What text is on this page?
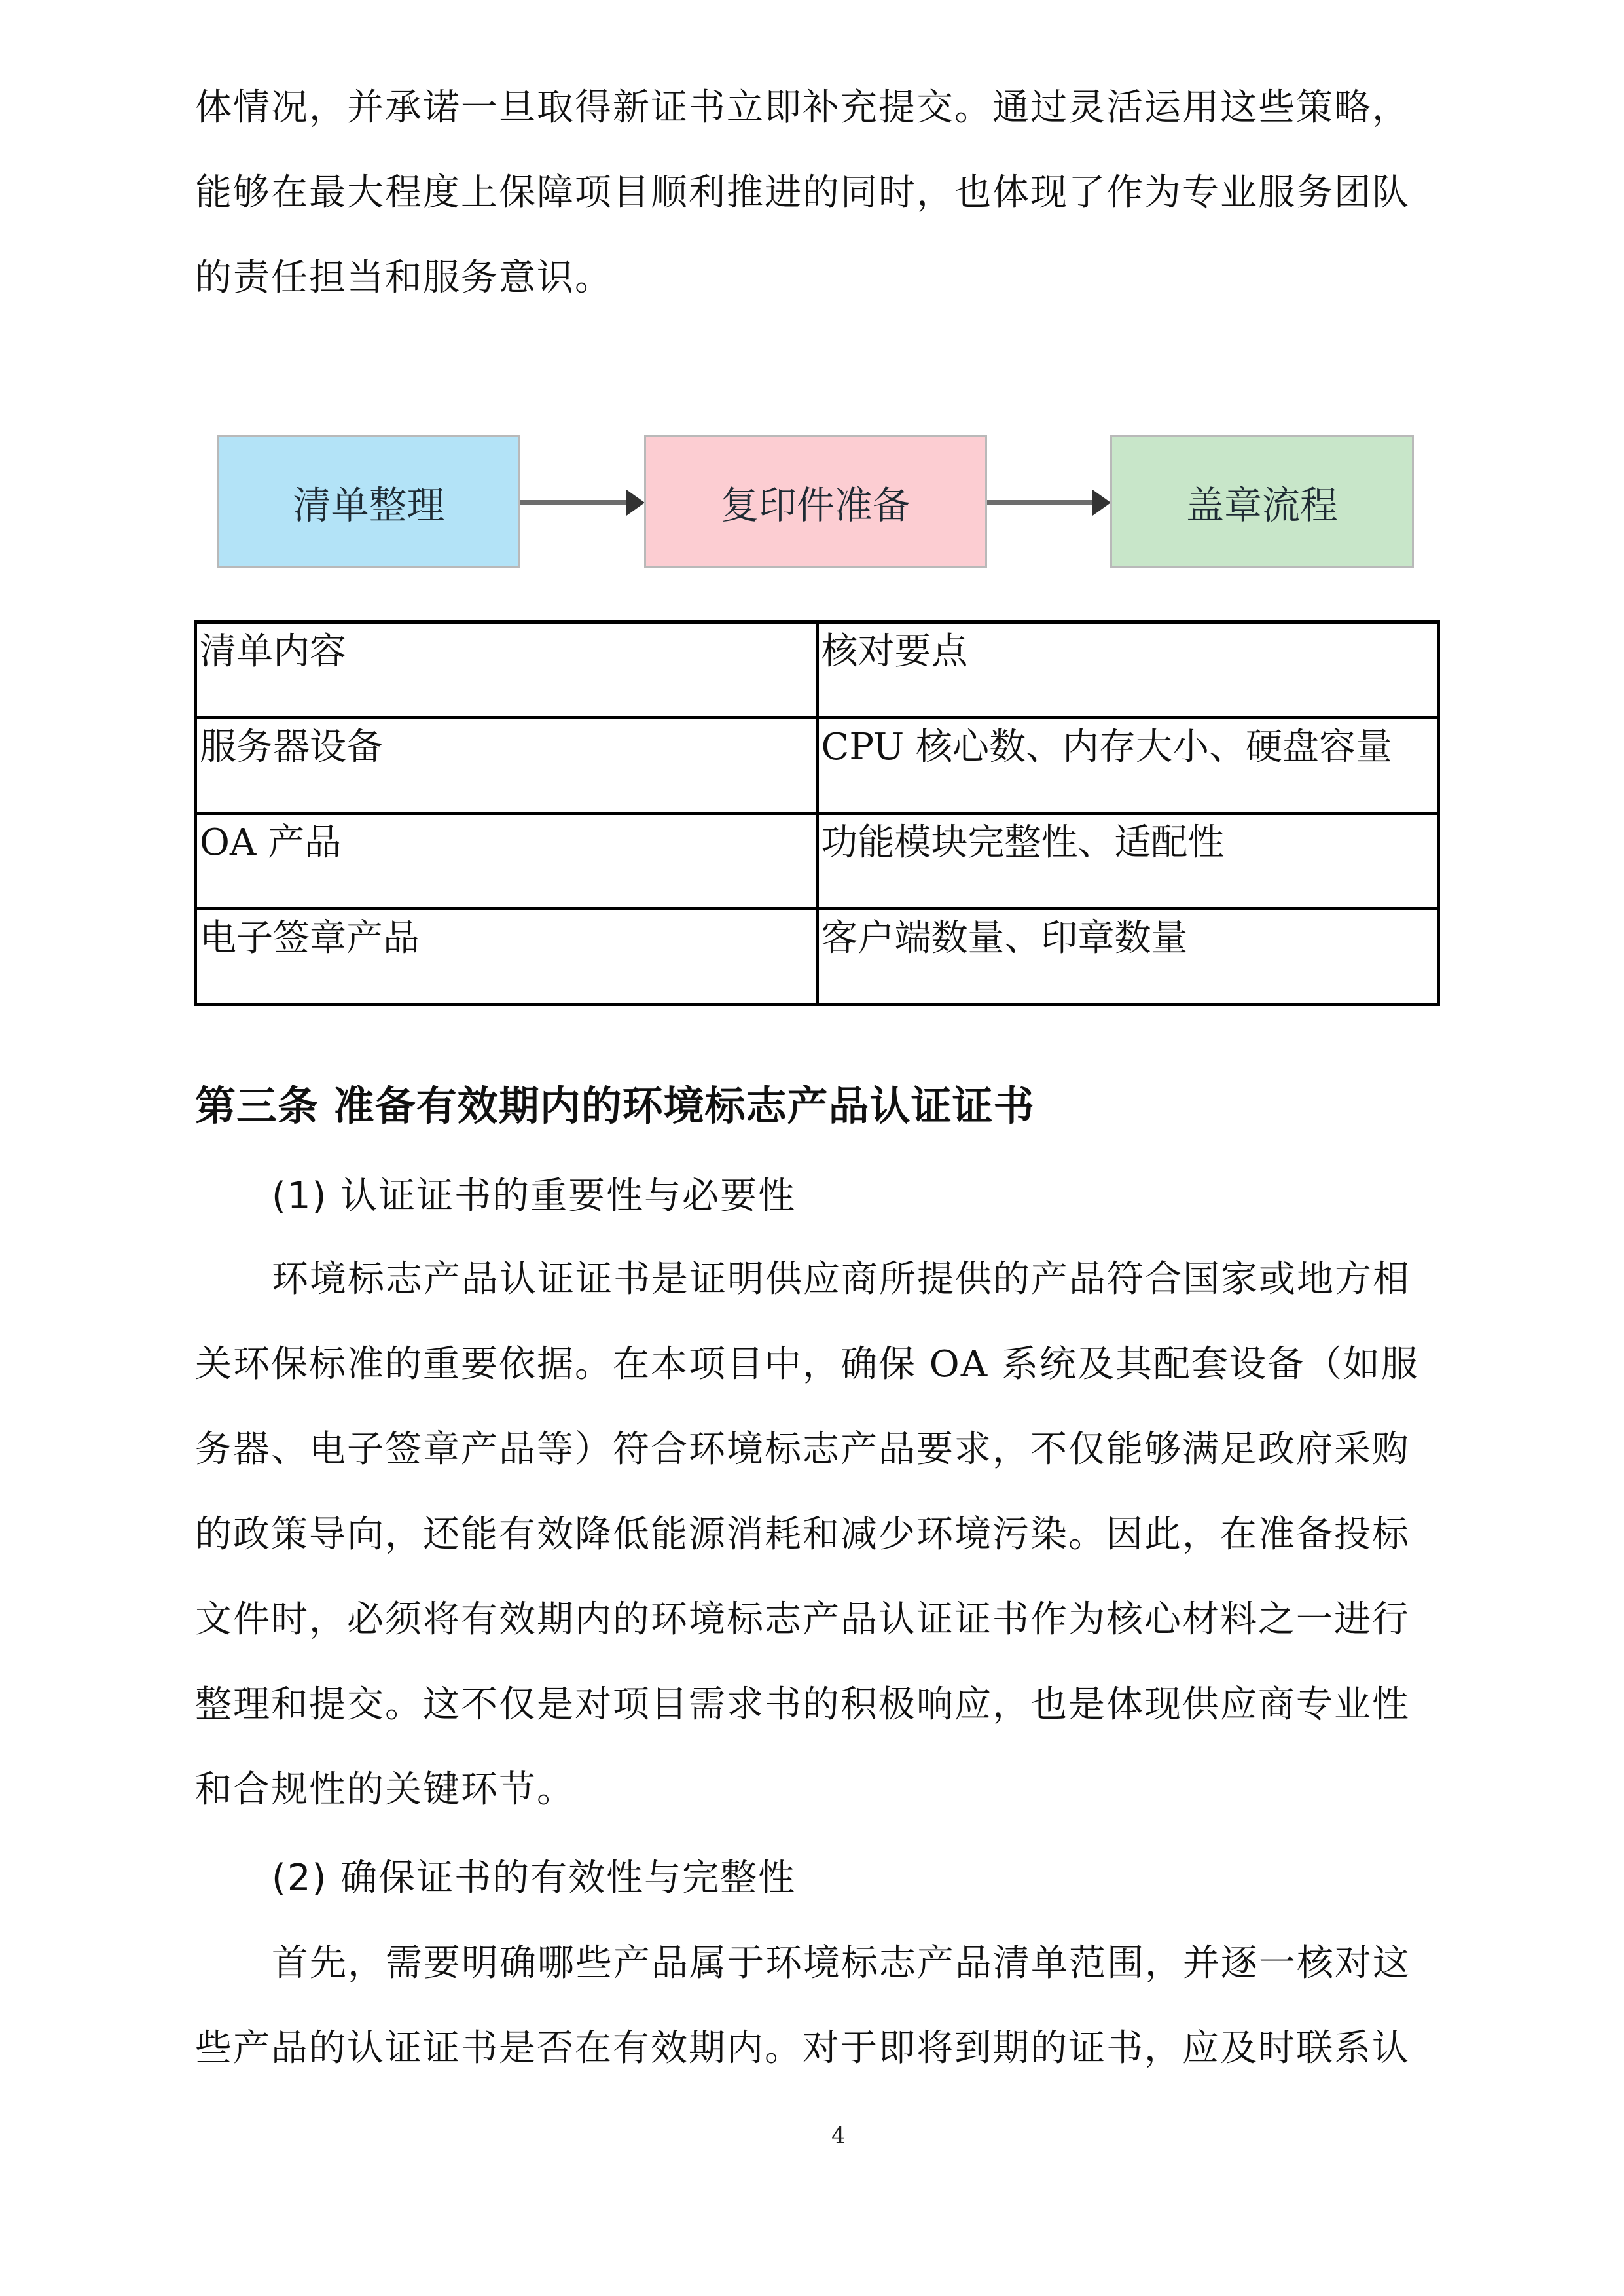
体情况，并承诺一旦取得新证书立即补充提交。通过灵活运用这些策略，
能够在最大程度上保障项目顺利推进的同时，也体现了作为专业服务团队
的责任担当和服务意识。
清单整理	复印件准备	盖章流程
清单内容	核对要点
服务器设备	CPU 核心数、内存大小、硬盘容量
OA 产品	功能模块完整性、适配性
电子签章产品	客户端数量、印章数量
第三条 准备有效期内的环境标志产品认证证书
(1) 认证证书的重要性与必要性
环境标志产品认证证书是证明供应商所提供的产品符合国家或地方相
关环保标准的重要依据。在本项目中，确保 OA 系统及其配套设备（如服
务器、电子签章产品等）符合环境标志产品要求，不仅能够满足政府采购
的政策导向，还能有效降低能源消耗和减少环境污染。因此，在准备投标
文件时，必须将有效期内的环境标志产品认证证书作为核心材料之一进行
整理和提交。这不仅是对项目需求书的积极响应，也是体现供应商专业性
和合规性的关键环节。
(2) 确保证书的有效性与完整性
首先，需要明确哪些产品属于环境标志产品清单范围，并逐一核对这
些产品的认证证书是否在有效期内。对于即将到期的证书，应及时联系认
4
